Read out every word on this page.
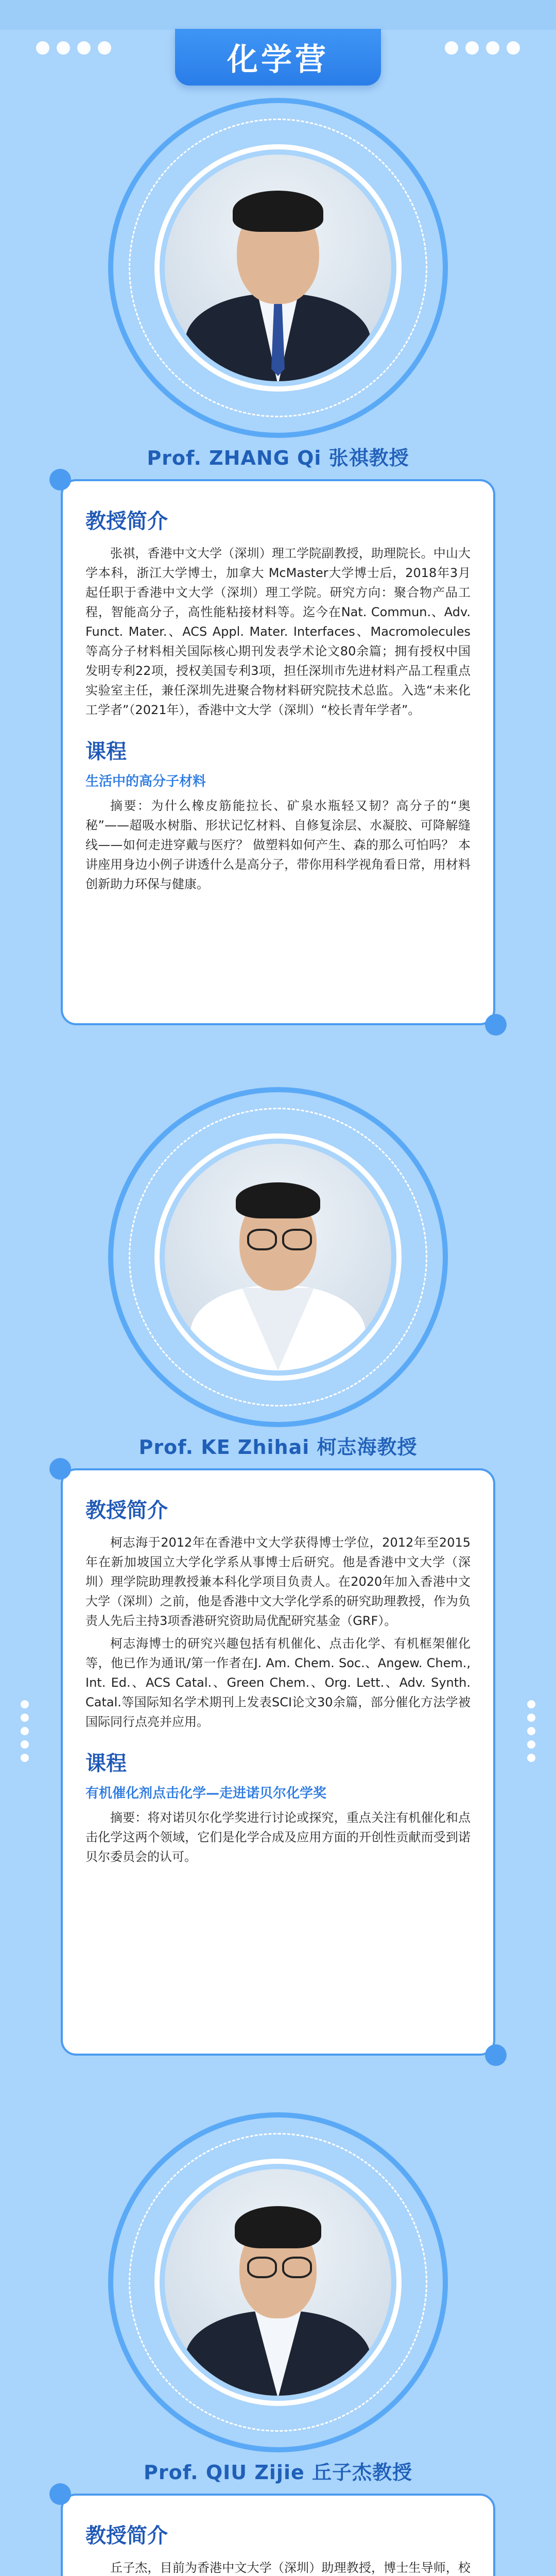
化学营
Prof. ZHANG Qi 张祺教授
教授简介

张祺，香港中文大学（深圳）理工学院副教授，助理院长。中山大学本科，浙江大学博士，加拿大 McMaster大学博士后，2018年3月起任职于香港中文大学（深圳）理工学院。研究方向：聚合物产品工程，智能高分子，高性能粘接材料等。迄今在Nat. Commun.、Adv. Funct. Mater.、ACS Appl. Mater. Interfaces、Macromolecules等高分子材料相关国际核心期刊发表学术论文80余篇；拥有授权中国发明专利22项，授权美国专利3项，担任深圳市先进材料产品工程重点实验室主任，兼任深圳先进聚合物材料研究院技术总监。入选“未来化工学者”（2021年），香港中文大学（深圳）“校长青年学者”。

课程
生活中的高分子材料

摘要：为什么橡皮筋能拉长、矿泉水瓶轻又韧？高分子的“奥秘”——超吸水树脂、形状记忆材料、自修复涂层、水凝胶、可降解缝线——如何走进穿戴与医疗？ 做塑料如何产生、森的那么可怕吗？ 本讲座用身边小例子讲透什么是高分子，带你用科学视角看日常，用材料创新助力环保与健康。

Prof. KE Zhihai 柯志海教授
教授简介

柯志海于2012年在香港中文大学获得博士学位，2012年至2015年在新加坡国立大学化学系从事博士后研究。他是香港中文大学（深圳）理学院助理教授兼本科化学项目负责人。在2020年加入香港中文大学（深圳）之前，他是香港中文大学化学系的研究助理教授，作为负责人先后主持3项香港研究资助局优配研究基金（GRF）。

柯志海博士的研究兴趣包括有机催化、点击化学、有机框架催化等，他已作为通讯/第一作者在J. Am. Chem. Soc.、Angew. Chem., Int. Ed.、ACS Catal.、Green Chem.、Org. Lett.、Adv. Synth. Catal.等国际知名学术期刊上发表SCI论文30余篇，部分催化方法学被国际同行点亮并应用。

课程
有机催化剂点击化学—走进诺贝尔化学奖

摘要：将对诺贝尔化学奖进行讨论或探究，重点关注有机催化和点击化学这两个领域，它们是化学合成及应用方面的开创性贡献而受到诺贝尔委员会的认可。

Prof. QIU Zijie 丘子杰教授
教授简介

丘子杰，目前为香港中文大学（深圳）助理教授，博士生导师，校
